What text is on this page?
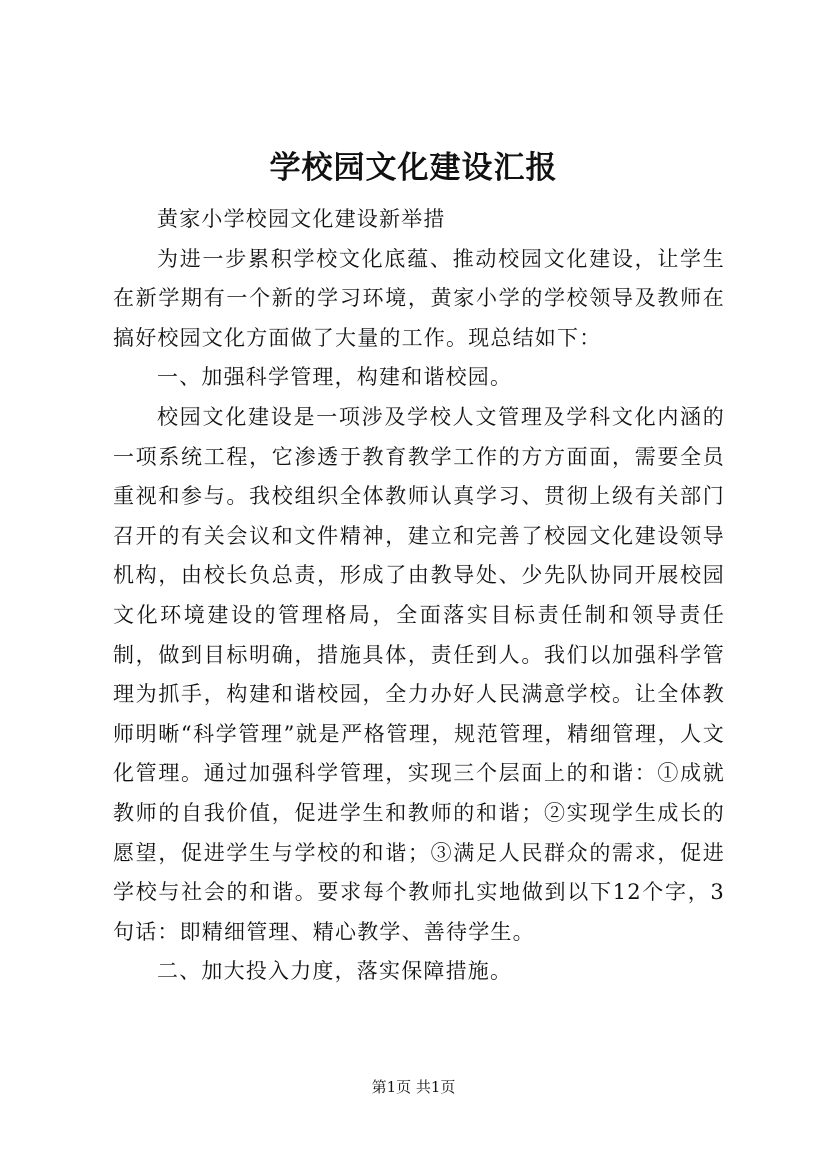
学校园文化建设汇报

黄家小学校园文化建设新举措

为进一步累积学校文化底蕴、推动校园文化建设，让学生在新学期有一个新的学习环境，黄家小学的学校领导及教师在搞好校园文化方面做了大量的工作。现总结如下：

一、加强科学管理，构建和谐校园。

校园文化建设是一项涉及学校人文管理及学科文化内涵的一项系统工程，它渗透于教育教学工作的方方面面，需要全员重视和参与。我校组织全体教师认真学习、贯彻上级有关部门召开的有关会议和文件精神，建立和完善了校园文化建设领导机构，由校长负总责，形成了由教导处、少先队协同开展校园文化环境建设的管理格局，全面落实目标责任制和领导责任制，做到目标明确，措施具体，责任到人。我们以加强科学管理为抓手，构建和谐校园，全力办好人民满意学校。让全体教师明晰“科学管理”就是严格管理，规范管理，精细管理，人文化管理。通过加强科学管理，实现三个层面上的和谐：①成就教师的自我价值，促进学生和教师的和谐；②实现学生成长的愿望，促进学生与学校的和谐；③满足人民群众的需求，促进学校与社会的和谐。要求每个教师扎实地做到以下12个字，3句话：即精细管理、精心教学、善待学生。

二、加大投入力度，落实保障措施。

第1页 共1页
